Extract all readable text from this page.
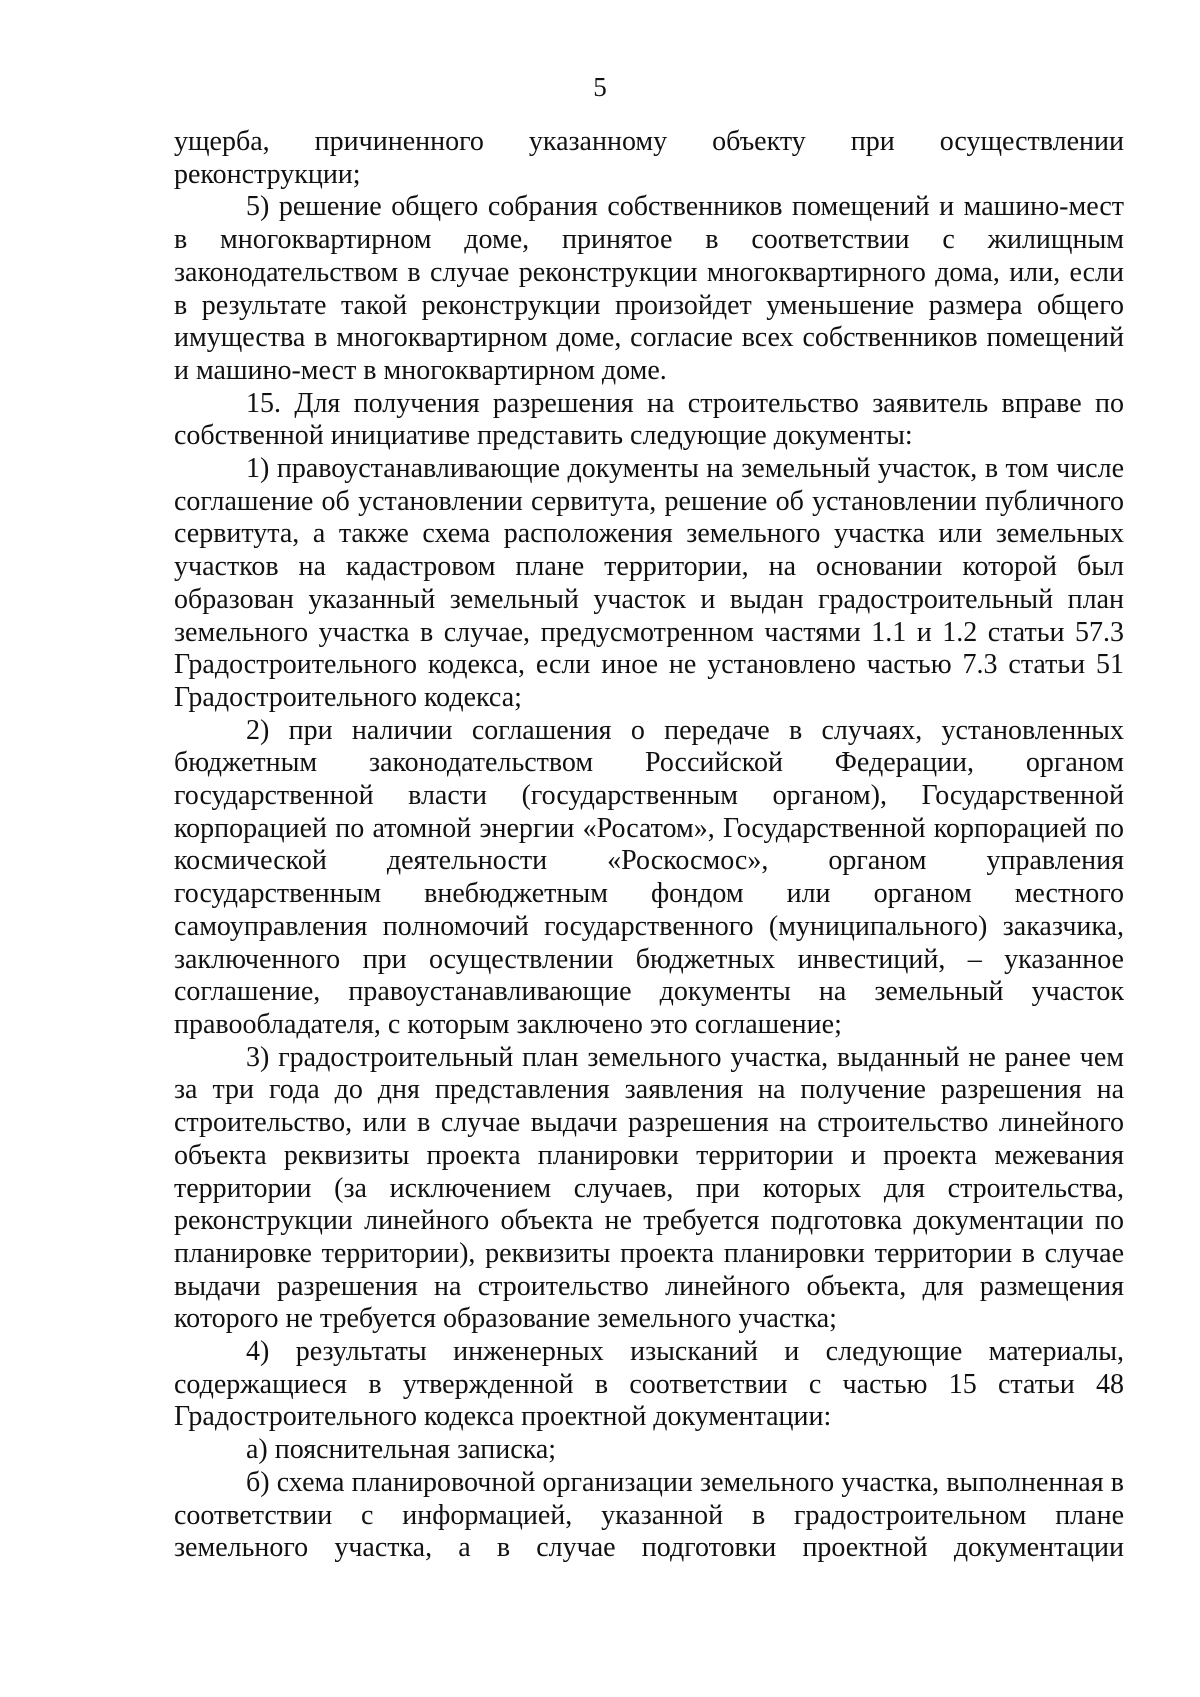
5

ущерба, причиненного указанному объекту при осуществлении реконструкции;

5) решение общего собрания собственников помещений и машино-мест в многоквартирном доме, принятое в соответствии с жилищным законодательством в случае реконструкции многоквартирного дома, или, если в результате такой реконструкции произойдет уменьшение размера общего имущества в многоквартирном доме, согласие всех собственников помещений и машино-мест в многоквартирном доме.

15. Для получения разрешения на строительство заявитель вправе по собственной инициативе представить следующие документы:

1) правоустанавливающие документы на земельный участок, в том числе соглашение об установлении сервитута, решение об установлении публичного сервитута, а также схема расположения земельного участка или земельных участков на кадастровом плане территории, на основании которой был образован указанный земельный участок и выдан градостроительный план земельного участка в случае, предусмотренном частями 1.1 и 1.2 статьи 57.3 Градостроительного кодекса, если иное не установлено частью 7.3 статьи 51 Градостроительного кодекса;

2) при наличии соглашения о передаче в случаях, установленных бюджетным законодательством Российской Федерации, органом государственной власти (государственным органом), Государственной корпорацией по атомной энергии «Росатом», Государственной корпорацией по космической деятельности «Роскосмос», органом управления государственным внебюджетным фондом или органом местного самоуправления полномочий государственного (муниципального) заказчика, заключенного при осуществлении бюджетных инвестиций, – указанное соглашение, правоустанавливающие документы на земельный участок правообладателя, с которым заключено это соглашение;

3) градостроительный план земельного участка, выданный не ранее чем за три года до дня представления заявления на получение разрешения на строительство, или в случае выдачи разрешения на строительство линейного объекта реквизиты проекта планировки территории и проекта межевания территории (за исключением случаев, при которых для строительства, реконструкции линейного объекта не требуется подготовка документации по планировке территории), реквизиты проекта планировки территории в случае выдачи разрешения на строительство линейного объекта, для размещения которого не требуется образование земельного участка;

4) результаты инженерных изысканий и следующие материалы, содержащиеся в утвержденной в соответствии с частью 15 статьи 48 Градостроительного кодекса проектной документации:

а) пояснительная записка;

б) схема планировочной организации земельного участка, выполненная в соответствии с информацией, указанной в градостроительном плане земельного участка, а в случае подготовки проектной документации
